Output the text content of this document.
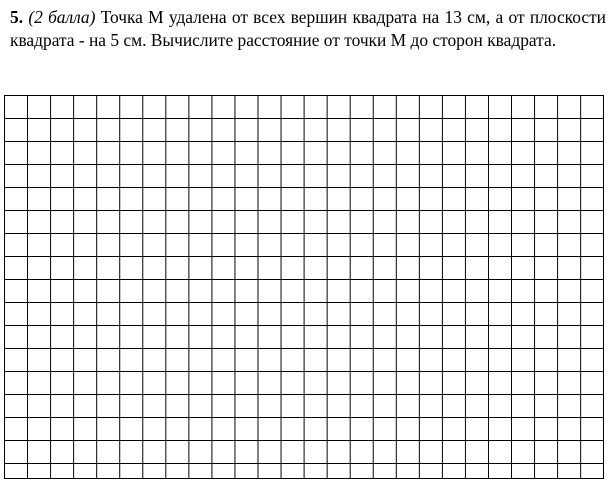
5. (2 балла) Точка M удалена от всех вершин квадрата на 13 см, а от плоскости квадрата - на 5 см. Вычислите расстояние от точки M до сторон квадрата.
